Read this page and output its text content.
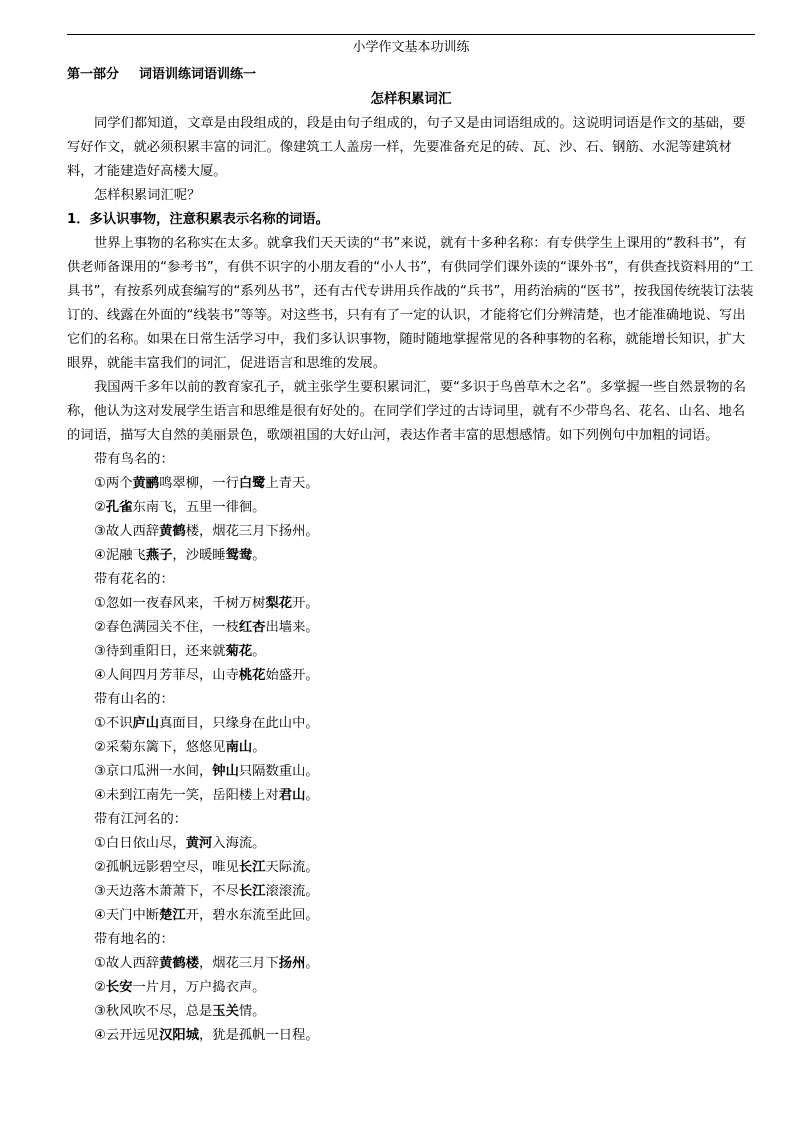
小学作文基本功训练
第一部分 词语训练词语训练一
怎样积累词汇

同学们都知道，文章是由段组成的，段是由句子组成的，句子又是由词语组成的。这说明词语是作文的基础，要写好作文，就必须积累丰富的词汇。像建筑工人盖房一样，先要准备充足的砖、瓦、沙、石、钢筋、水泥等建筑材料，才能建造好高楼大厦。

怎样积累词汇呢？

1．多认识事物，注意积累表示名称的词语。

世界上事物的名称实在太多。就拿我们天天读的“书”来说，就有十多种名称：有专供学生上课用的“教科书”，有供老师备课用的“参考书”，有供不识字的小朋友看的“小人书”，有供同学们课外读的“课外书”，有供查找资料用的“工具书”，有按系列成套编写的“系列丛书”，还有古代专讲用兵作战的“兵书”，用药治病的“医书”，按我国传统装订法装订的、线露在外面的“线装书”等等。对这些书，只有有了一定的认识，才能将它们分辨清楚，也才能准确地说、写出它们的名称。如果在日常生活学习中，我们多认识事物，随时随地掌握常见的各种事物的名称，就能增长知识，扩大眼界，就能丰富我们的词汇，促进语言和思维的发展。

我国两千多年以前的教育家孔子，就主张学生要积累词汇，要“多识于鸟兽草木之名”。多掌握一些自然景物的名称，他认为这对发展学生语言和思维是很有好处的。在同学们学过的古诗词里，就有不少带鸟名、花名、山名、地名的词语，描写大自然的美丽景色，歌颂祖国的大好山河，表达作者丰富的思想感情。如下列例句中加粗的词语。

带有鸟名的：

①两个黄鹂鸣翠柳，一行白鹭上青天。

②孔雀东南飞，五里一徘徊。

③故人西辞黄鹤楼，烟花三月下扬州。

④泥融飞燕子，沙暖睡鸳鸯。

带有花名的：

①忽如一夜春风来，千树万树梨花开。

②春色满园关不住，一枝红杏出墙来。

③待到重阳日，还来就菊花。

④人间四月芳菲尽，山寺桃花始盛开。

带有山名的：

①不识庐山真面目，只缘身在此山中。

②采菊东篱下，悠悠见南山。

③京口瓜洲一水间，钟山只隔数重山。

④未到江南先一笑，岳阳楼上对君山。

带有江河名的：

①白日依山尽，黄河入海流。

②孤帆远影碧空尽，唯见长江天际流。

③天边落木萧萧下，不尽长江滚滚流。

④天门中断楚江开，碧水东流至此回。

带有地名的：

①故人西辞黄鹤楼，烟花三月下扬州。

②长安一片月，万户捣衣声。

③秋风吹不尽，总是玉关情。

④云开远见汉阳城，犹是孤帆一日程。
